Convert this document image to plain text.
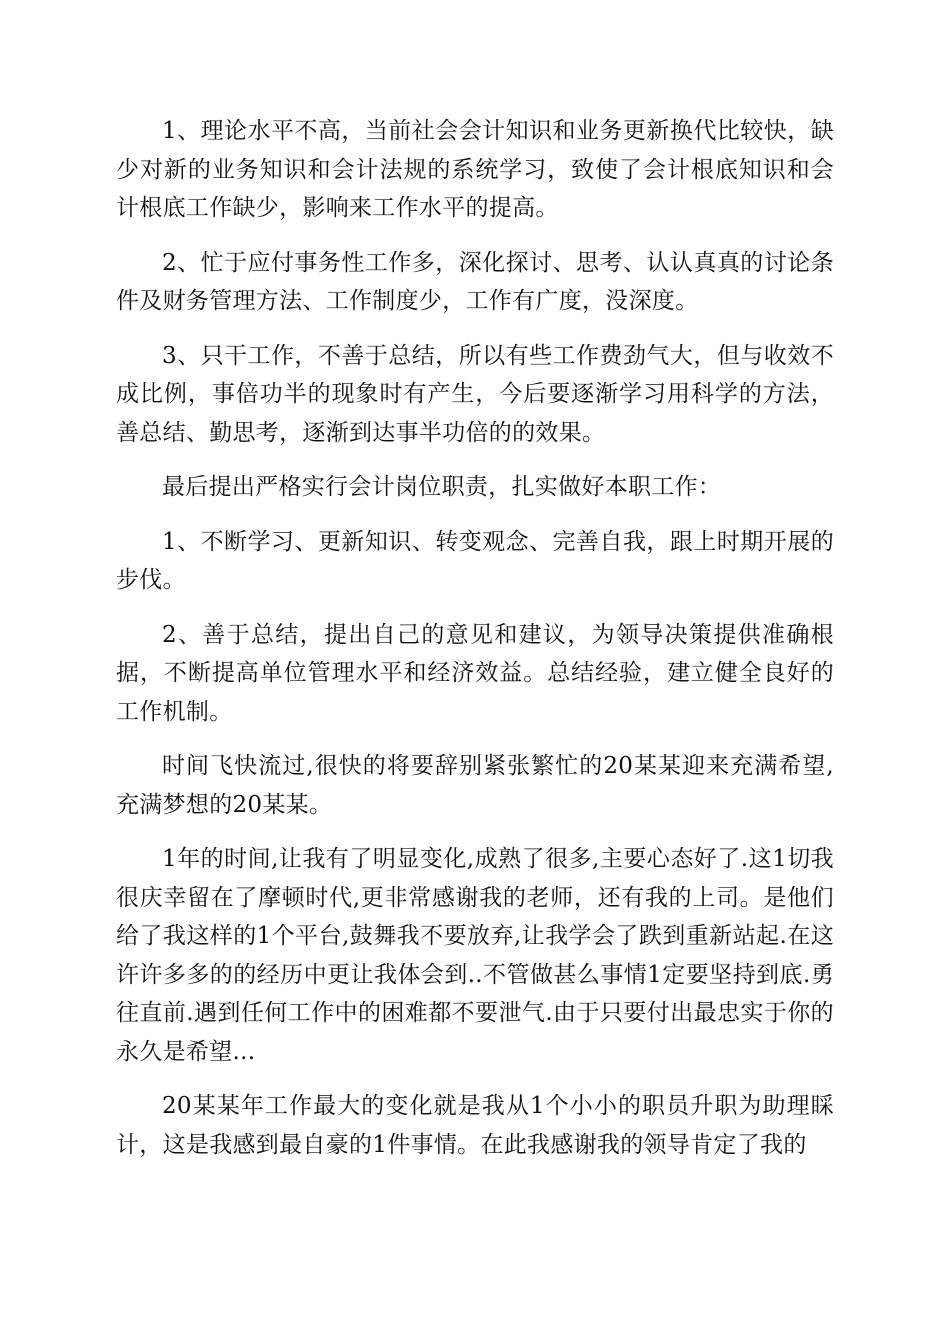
1、理论水平不高，当前社会会计知识和业务更新换代比较快，缺少对新的业务知识和会计法规的系统学习，致使了会计根底知识和会计根底工作缺少，影响来工作水平的提高。

2、忙于应付事务性工作多，深化探讨、思考、认认真真的讨论条件及财务管理方法、工作制度少，工作有广度，没深度。

3、只干工作，不善于总结，所以有些工作费劲气大，但与收效不成比例，事倍功半的现象时有产生，今后要逐渐学习用科学的方法，善总结、勤思考，逐渐到达事半功倍的的效果。

最后提出严格实行会计岗位职责，扎实做好本职工作：

1、不断学习、更新知识、转变观念、完善自我，跟上时期开展的步伐。

2、善于总结，提出自己的意见和建议，为领导决策提供准确根据，不断提高单位管理水平和经济效益。总结经验，建立健全良好的工作机制。

时间飞快流过,很快的将要辞别紧张繁忙的20某某迎来充满希望,充满梦想的20某某。

1年的时间,让我有了明显变化,成熟了很多,主要心态好了.这1切我很庆幸留在了摩顿时代,更非常感谢我的老师，还有我的上司。是他们给了我这样的1个平台,鼓舞我不要放弃,让我学会了跌到重新站起.在这许许多多的的经历中更让我体会到..不管做甚么事情1定要坚持到底.勇往直前.遇到任何工作中的困难都不要泄气.由于只要付出最忠实于你的永久是希望...

20某某年工作最大的变化就是我从1个小小的职员升职为助理睬计，这是我感到最自豪的1件事情。在此我感谢我的领导肯定了我的
